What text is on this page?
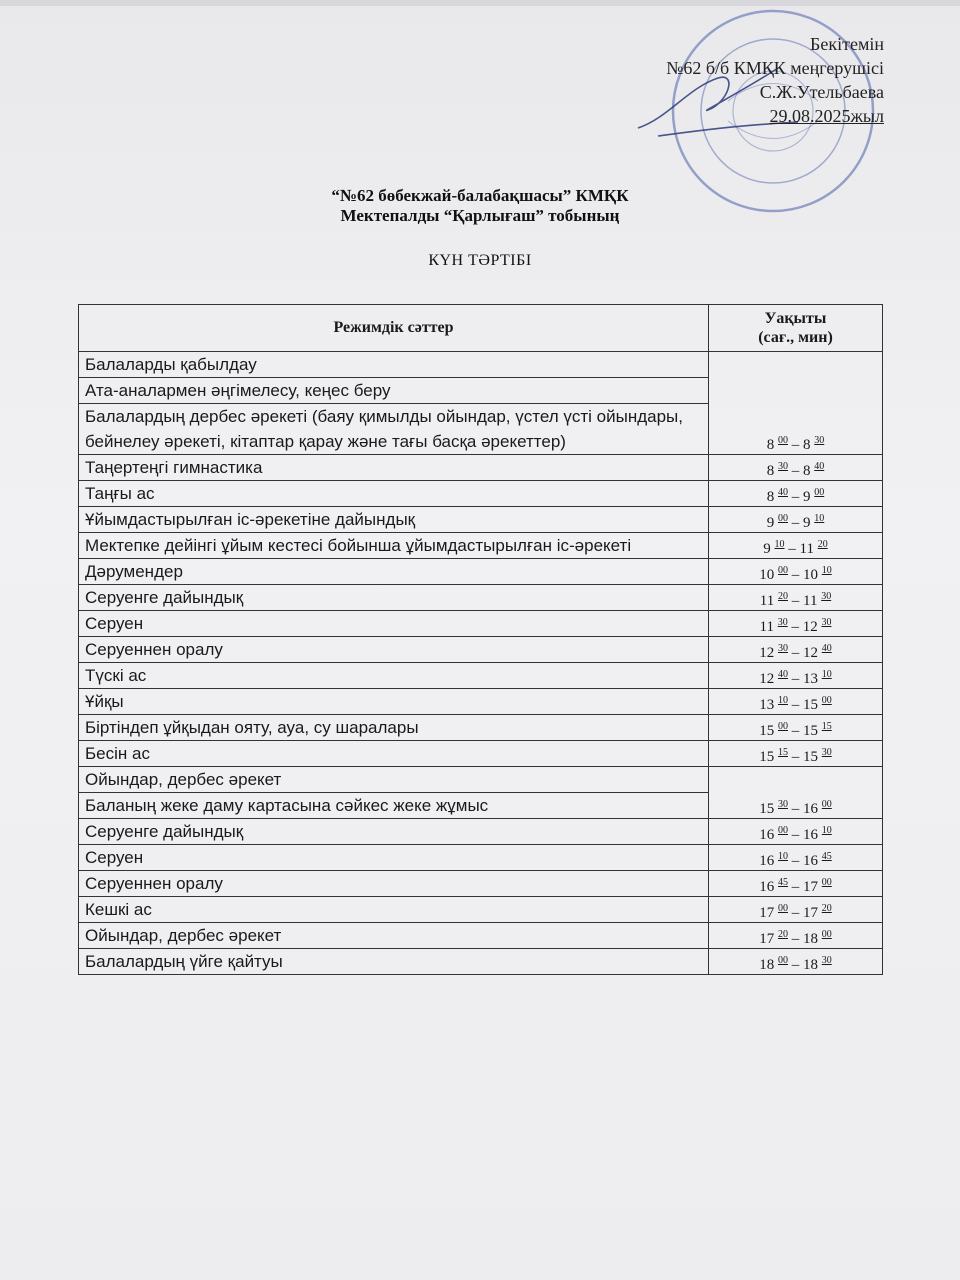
Бекітемін
№62 б/б КМҚК меңгерушісі
С.Ж.Утельбаева
29.08.2025жыл
“№62 бөбекжай-балабақшасы” КМҚК
Мектепалды “Қарлығаш” тобының
КҮН ТӘРТІБІ
Режимдік сәттер	Уақыты
(сағ., мин)

Балаларды қабылдау	8 $^{00}$ – 8 $^{30}$
Ата-аналармен әңгімелесу, кеңес беру	
Балалардың дербес әрекеті (баяу қимылды ойындар, үстел үсті ойындары, бейнелеу әрекеті, кітаптар қарау және тағы басқа әрекеттер)	
Таңертеңгі гимнастика	8 $^{30}$ – 8 $^{40}$
Таңғы ас	8 $^{40}$ – 9 $^{00}$
Ұйымдастырылған іс-әрекетіне дайындық	9 $^{00}$ – 9 $^{10}$
Мектепке дейінгі ұйым кестесі бойынша ұйымдастырылған іс-әрекеті	9 $^{10}$ – 11 $^{20}$
Дәрумендер	10 $^{00}$ – 10 $^{10}$
Серуенге дайындық	11 $^{20}$ – 11 $^{30}$
Серуен	11 $^{30}$ – 12 $^{30}$
Серуеннен оралу	12 $^{30}$ – 12 $^{40}$
Түскі ас	12 $^{40}$ – 13 $^{10}$
Ұйқы	13 $^{10}$ – 15 $^{00}$
Біртіндеп ұйқыдан ояту, ауа, су шаралары	15 $^{00}$ – 15 $^{15}$
Бесін ас	15 $^{15}$ – 15 $^{30}$
Ойындар, дербес әрекет	15 $^{30}$ – 16 $^{00}$
Баланың жеке даму картасына сәйкес жеке жұмыс	
Серуенге дайындық	16 $^{00}$ – 16 $^{10}$
Серуен	16 $^{10}$ – 16 $^{45}$
Серуеннен оралу	16 $^{45}$ – 17 $^{00}$
Кешкі ас	17 $^{00}$ – 17 $^{20}$
Ойындар, дербес әрекет	17 $^{20}$ – 18 $^{00}$
Балалардың үйге қайтуы	18 $^{00}$ – 18 $^{30}$
